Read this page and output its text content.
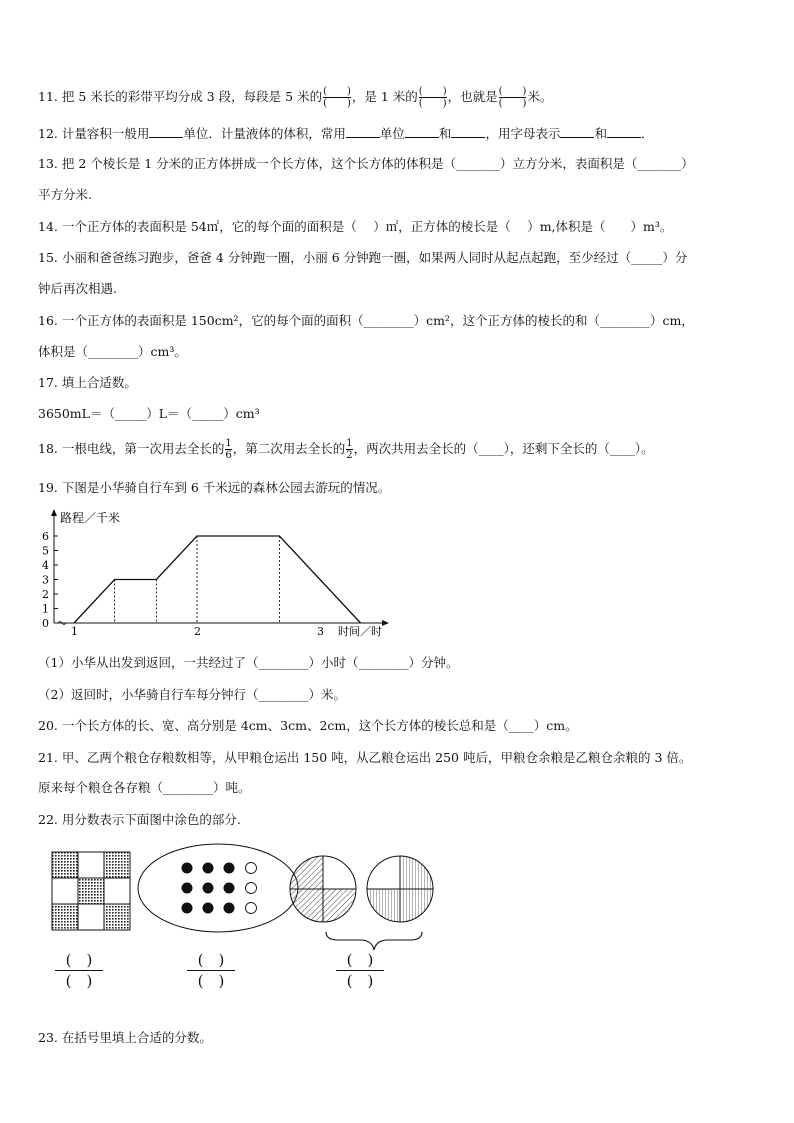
11. 把 5 米长的彩带平均分成 3 段，每段是 5 米的 $\frac{( )}{( )}$ ，是 1 米的 $\frac{( )}{( )}$ ，也就是 $\frac{( )}{( )}$ 米。
12. 计量容积一般用	单位．计量液体的体积，常用	单位	和	，用字母表示	和	．
13. 把 2 个棱长是 1 分米的正方体拼成一个长方体，这个长方体的体积是（_______）立方分米，表面积是（_______）
平方分米.
14. 一个正方体的表面积是 54㎡，它的每个面的面积是（　 ）㎡，正方体的棱长是（　 ）m,体积是（　　）m³。
15. 小丽和爸爸练习跑步，爸爸 4 分钟跑一圈，小丽 6 分钟跑一圈，如果两人同时从起点起跑，至少经过（_____）分
钟后再次相遇.
16. 一个正方体的表面积是 150cm²，它的每个面的面积（________）cm²，这个正方体的棱长的和（________）cm，
体积是（________）cm³。
17. 填上合适数。
3650mL＝（_____）L＝（_____）cm³
18. 一根电线，第一次用去全长的 $\frac{1}{6}$ ，第二次用去全长的 $\frac{1}{2}$ ，两次共用去全长的（____），还剩下全长的（____）。
19. 下图是小华骑自行车到 6 千米远的森林公园去游玩的情况。
路程／千米
时间／时
0
1
2
3
4
5
6
1	2	3
（1）小华从出发到返回，一共经过了（________）小时（________）分钟。
（2）返回时，小华骑自行车每分钟行（________）米。
20. 一个长方体的长、宽、高分别是 4cm、3cm、2cm，这个长方体的棱长总和是（____）cm。
21. 甲、乙两个粮仓存粮数相等，从甲粮仓运出 150 吨，从乙粮仓运出 250 吨后，甲粮仓余粮是乙粮仓余粮的 3 倍。
原来每个粮仓各存粮（________）吨。
22. 用分数表示下面图中涂色的部分.
(　)
(　)
(　)
(　)
(　)
(　)
23. 在括号里填上合适的分数。
